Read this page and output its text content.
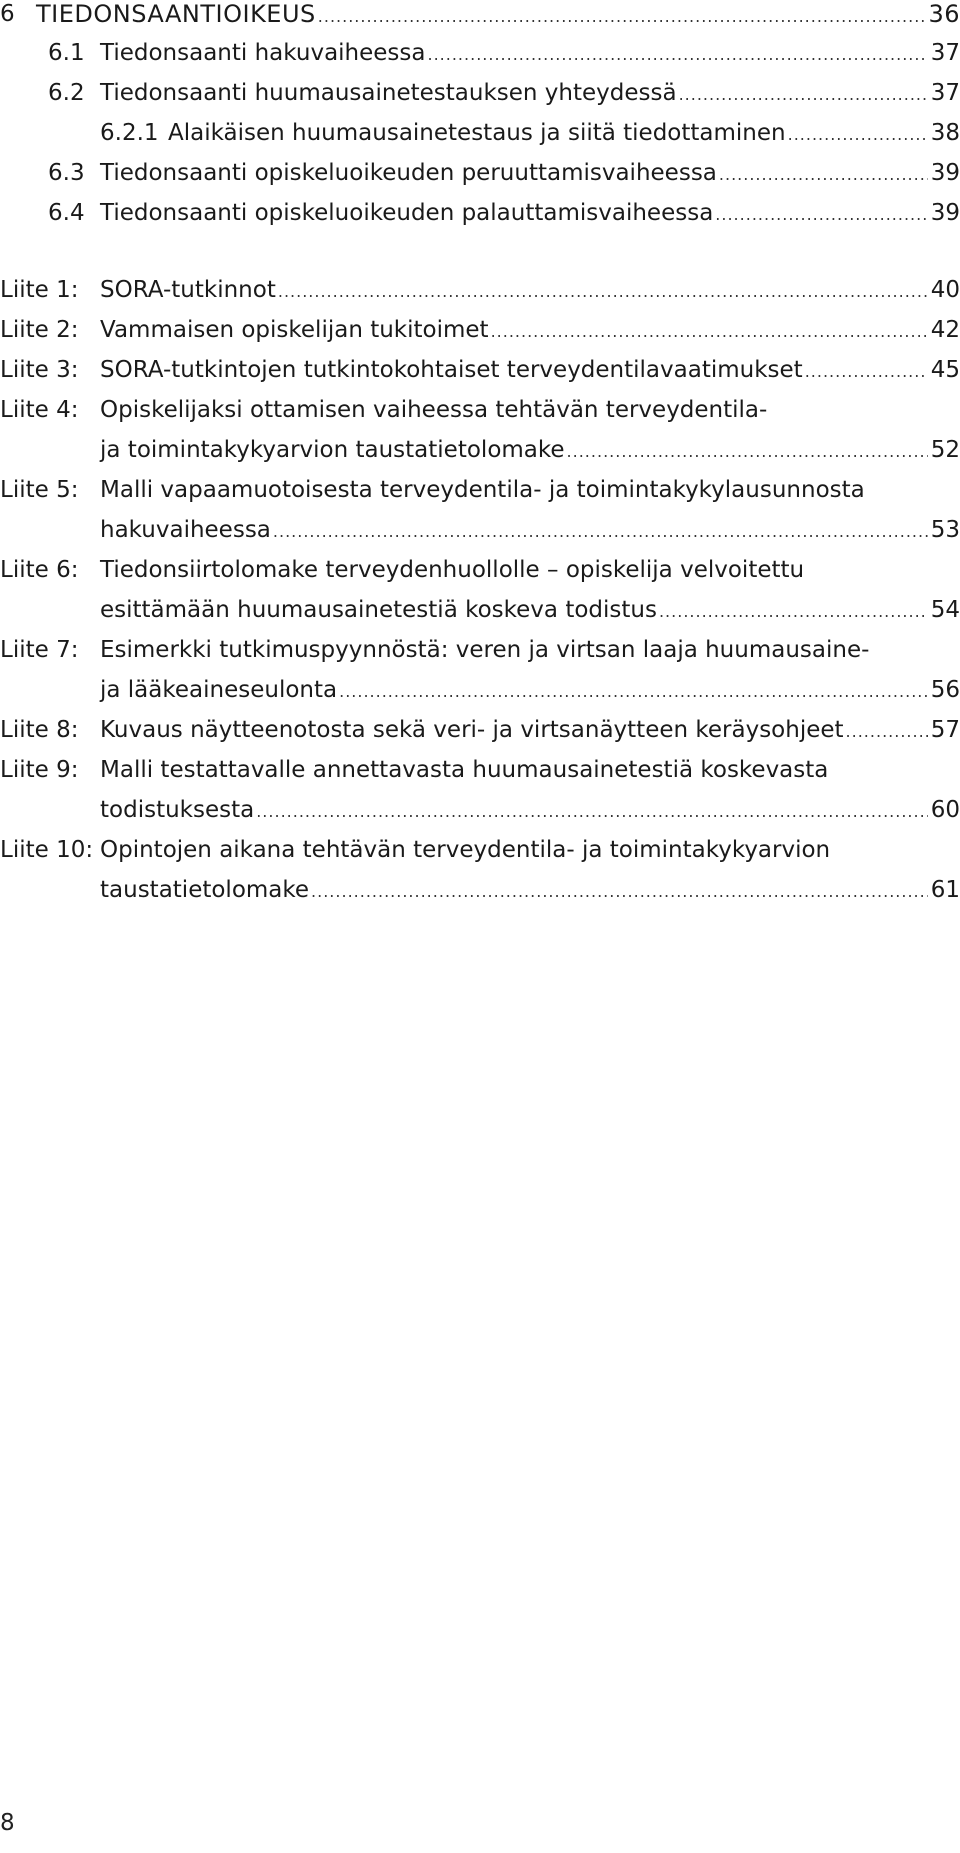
6 TIEDONSAANTIOIKEUS .....	36
6.1 Tiedonsaanti hakuvaiheessa .....	37
6.2 Tiedonsaanti huumausainetestauksen yhteydessä .....	37
6.2.1 Alaikäisen huumausainetestaus ja siitä tiedottaminen .....	38
6.3 Tiedonsaanti opiskeluoikeuden peruuttamisvaiheessa .....	39
6.4 Tiedonsaanti opiskeluoikeuden palauttamisvaiheessa .....	39
Liite 1: SORA-tutkinnot .....	40
Liite 2: Vammaisen opiskelijan tukitoimet .....	42
Liite 3: SORA-tutkintojen tutkintokohtaiset terveydentilavaatimukset .....	45
Liite 4: Opiskelijaksi ottamisen vaiheessa tehtävän terveydentila-
ja toimintakykyarvion taustatietolomake .....	52
Liite 5: Malli vapaamuotoisesta terveydentila- ja toimintakykylausunnosta
hakuvaiheessa .....	53
Liite 6: Tiedonsiirtolomake terveydenhuollolle – opiskelija velvoitettu
esittämään huumausainetestiä koskeva todistus .....	54
Liite 7: Esimerkki tutkimuspyynnöstä: veren ja virtsan laaja huumausaine-
ja lääkeaineseulonta .....	56
Liite 8: Kuvaus näytteenotosta sekä veri- ja virtsanäytteen keräysohjeet .....	57
Liite 9: Malli testattavalle annettavasta huumausainetestiä koskevasta
todistuksesta .....	60
Liite 10: Opintojen aikana tehtävän terveydentila- ja toimintakykyarvion
taustatietolomake .....	61
8
